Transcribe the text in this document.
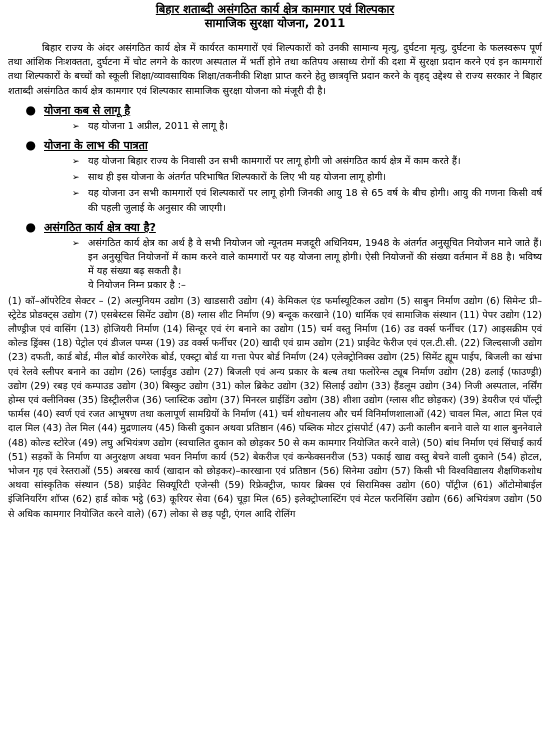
बिहार शताब्दी असंगठित कार्य क्षेत्र कामगार एवं शिल्पकार
सामाजिक सुरक्षा योजना, 2011
बिहार राज्य के अंदर असंगठित कार्य क्षेत्र में कार्यरत कामगारों एवं शिल्पकारों को उनकी सामान्य मृत्यु, दुर्घटना मृत्यु, दुर्घटना के फलस्वरूप पूर्ण तथा आंशिक निःशक्तता, दुर्घटना में चोट लगने के कारण अस्पताल में भर्ती होने तथा कतिपय असाध्य रोगों की दशा में सुरक्षा प्रदान करने एवं इन कामगारों तथा शिल्पकारों के बच्चों को स्कूली शिक्षा/व्यावसायिक शिक्षा/तकनीकी शिक्षा प्राप्त करने हेतु छात्रवृत्ति प्रदान करने के वृहद् उद्देश्य से राज्य सरकार ने बिहार शताब्दी असंगठित कार्य क्षेत्र कामगार एवं शिल्पकार सामाजिक सुरक्षा योजना को मंजूरी दी है।
● योजना कब से लागू है
➢ यह योजना 1 अप्रील, 2011 से लागू है।
● योजना के लाभ की पात्रता
➢ यह योजना बिहार राज्य के निवासी उन सभी कामगारों पर लागू होगी जो असंगठित कार्य क्षेत्र में काम करते हैं।
➢ साथ ही इस योजना के अंतर्गत परिभाषित शिल्पकारों के लिए भी यह योजना लागू होगी।
➢ यह योजना उन सभी कामगारों एवं शिल्पकारों पर लागू होगी जिनकी आयु 18 से 65 वर्ष के बीच होगी। आयु की गणना किसी वर्ष की पहली जुलाई के अनुसार की जाएगी।
● असंगठित कार्य क्षेत्र क्या है?
➢ असंगठित कार्य क्षेत्र का अर्थ है वे सभी नियोजन जो न्यूनतम मजदूरी अधिनियम, 1948 के अंतर्गत अनुसूचित नियोजन माने जाते हैं। इन अनुसूचित नियोजनों में काम करने वाले कामगारों पर यह योजना लागू होगी। ऐसी नियोजनों की संख्या वर्तमान में 88 है। भविष्य में यह संख्या बढ़ सकती है।
ये नियोजन निम्न प्रकार है :–
(1) कॉ–ऑपरेटिव सेक्टर – (2) अल्मुनियम उद्योग (3) खाडसारी उद्योग (4) केमिकल एंड फर्मास्यूटिकल उद्योग (5) साबुन निर्माण उद्योग (6) सिमेन्ट प्री–स्ट्रेटेड प्रोडक्ट्स उद्योग (7) एसबेस्टस सिमेंट उद्योग (8) ग्लास शीट निर्माण (9) बन्दूक करखाने (10) धार्मिक एवं सामाजिक संस्थान (11) पेपर उद्योग (12) लौण्ड्रीज एवं वासिंग (13) होजियरी निर्माण (14) सिन्दूर एवं रंग बनाने का उद्योग (15) चर्म वस्तु निर्माण (16) उड वर्क्स फर्नीचर (17) आइसक्रीम एवं कोल्ड ड्रिंक्स (18) पेट्रोल एवं डीजल पम्प्स (19) उड वर्क्स फर्नीचर (20) खादी एवं ग्राम उद्योग (21) प्राईवेट फेरीज एवं एल.टी.सी. (22) जिल्दसाजी उद्योग (23) दफती, कार्ड बोर्ड, मील बोर्ड कारगेरेक बोर्ड, एक्स्ट्रा बोर्ड या गत्ता पेपर बोर्ड निर्माण (24) एलेक्ट्रोनिक्स उद्योग (25) सिमेंट ह्यूम पाईप, बिजली का खंभा एवं रेलवे स्लीपर बनाने का उद्योग (26) प्लाईवुड उद्योग (27) बिजली एवं अन्य प्रकार के बल्ब तथा फलोरेन्स ट्यूब निर्माण उद्योग (28) ढलाई (फाउण्ड्री) उद्योग (29) रबड़ एवं कम्पाउड उद्योग (30) बिस्कुट उद्योग (31) कोल ब्रिकेट उद्योग (32) सिलाई उद्योग (33) हैंडलूम उद्योग (34) निजी अस्पताल, नर्सिंग होम्स एवं क्लीनिक्स (35) डिस्ट्रीलरीज (36) प्लास्टिक उद्योग (37) मिनरल ग्राईडिंग उद्योग (38) शीशा उद्योग (ग्लास शीट छोड़कर) (39) डेयरीज एवं पॉल्ट्री फार्मस (40) स्वर्ण एवं रजत आभूषण तथा कलापूर्ण सामग्रियों के निर्माण (41) चर्म शोधनालय और चर्म विनिर्माणशालाओं (42) चावल मिल, आटा मिल एवं दाल मिल (43) तेल मिल (44) मुद्रणालय (45) किसी दुकान अथवा प्रतिष्ठान (46) पब्लिक मोटर ट्रांसपोर्ट (47) ऊनी कालीन बनाने वाले या शाल बुननेवाले (48) कोल्ड स्टोरेज (49) लघु अभियंत्रण उद्योग (स्वचालित दुकान को छोड़कर 50 से कम कामगार नियोजित करने वाले) (50) बांध निर्माण एवं सिंचाई कार्य (51) सड़कों के निर्माण या अनुरक्षण अथवा भवन निर्माण कार्य (52) बेकरीज एवं कन्फेक्सनरीज (53) पकाई खाद्य वस्तु बेचने वाली दुकाने (54) होटल, भोजन गृह एवं रेस्तराओं (55) अबरख कार्य (खादान को छोड़कर)–कारखाना एवं प्रतिष्ठान (56) सिनेमा उद्योग (57) किसी भी विश्वविद्यालय शैक्षणिकशोध अथवा सांस्कृतिक संस्थान (58) प्राईवेट सिक्यूरिटी एजेन्सी (59) रिफ्रेक्ट्रीज, फायर ब्रिक्स एवं सिरामिक्स उद्योग (60) पॉट्रीज (61) ऑटोमोबाईल इंजिनियरिंग शॉप्स (62) हार्ड कोक भट्ठे (63) कूरियर सेवा (64) चूड़ा मिल (65) इलेक्ट्रोप्लास्टिंग एवं मेटल फरनिसिंग उद्योग (66) अभियंत्रण उद्योग (50 से अधिक कामगार नियोजित करने वाले) (67) लोका से छड़ पट्टी, एंगल आदि रोलिंग
